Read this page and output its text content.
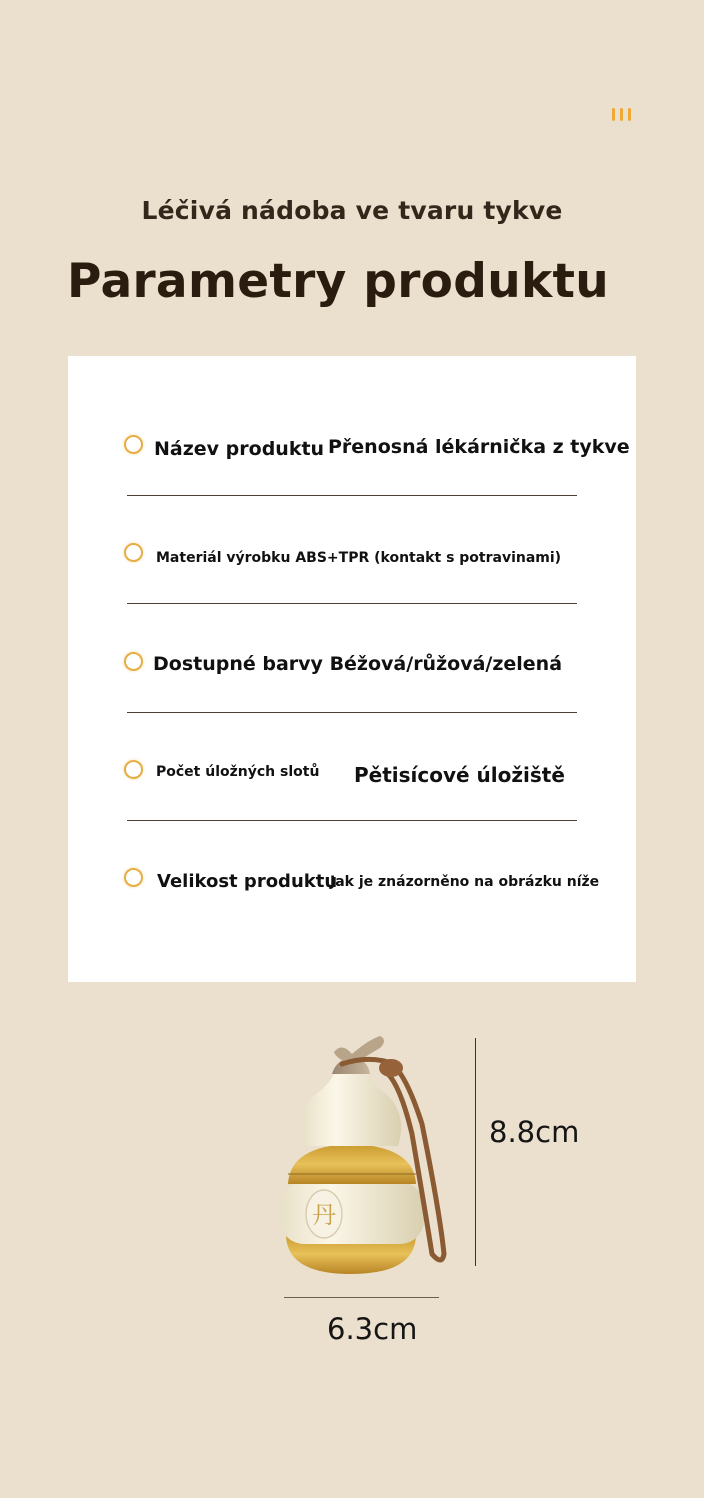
Léčivá nádoba ve tvaru tykve
Parametry produktu
Název produktu Přenosná lékárnička z tykve
Materiál výrobku ABS+TPR (kontakt s potravinami)
Dostupné barvy Béžová/růžová/zelená
Počet úložných slotů Pětisícové úložiště
Velikost produktu
Jak je znázorněno na obrázku níže
丹
8.8cm
6.3cm
